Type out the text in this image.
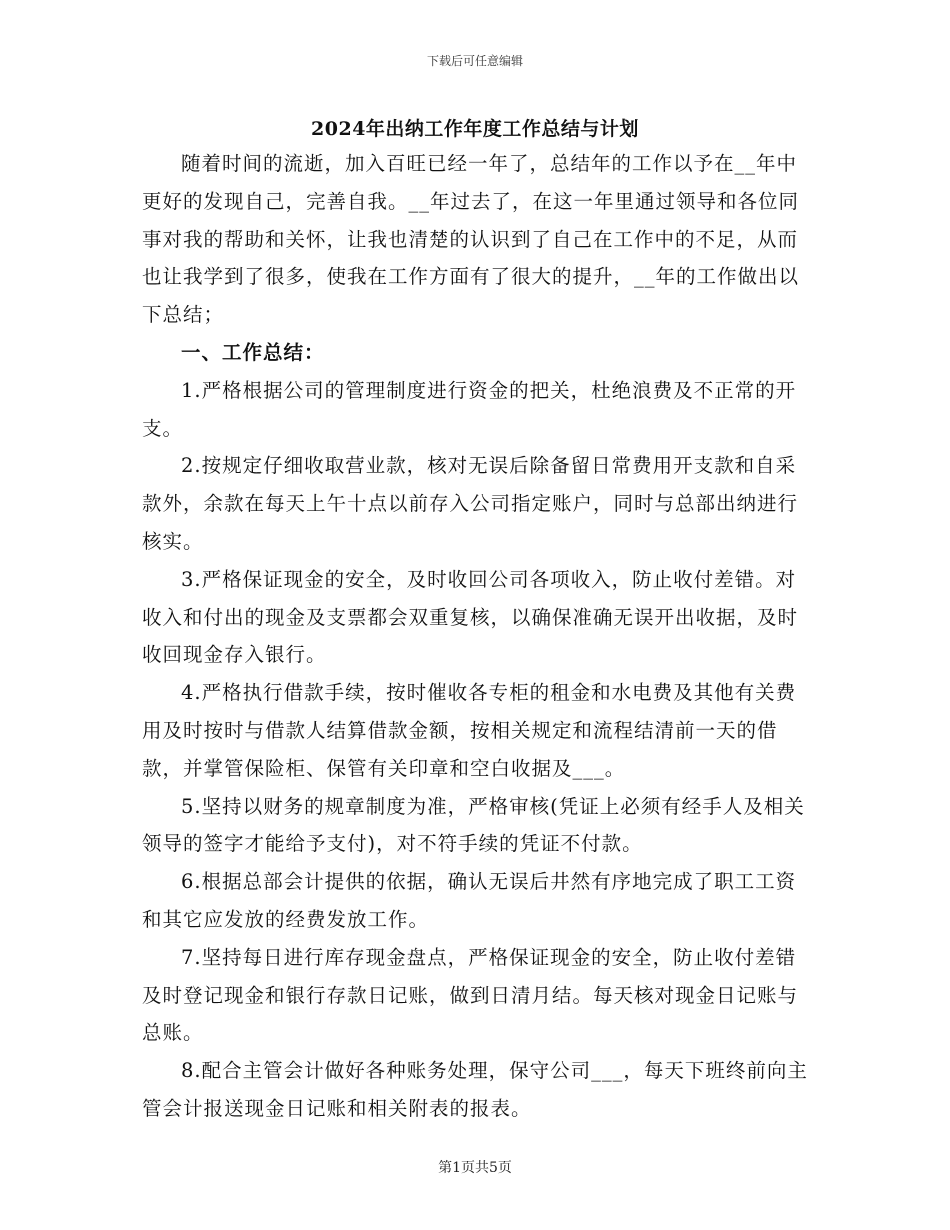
下载后可任意编辑
2024年出纳工作年度工作总结与计划

随着时间的流逝，加入百旺已经一年了，总结年的工作以予在__年中更好的发现自己，完善自我。__年过去了，在这一年里通过领导和各位同事对我的帮助和关怀，让我也清楚的认识到了自己在工作中的不足，从而也让我学到了很多，使我在工作方面有了很大的提升，__年的工作做出以下总结；

一、工作总结：

1.严格根据公司的管理制度进行资金的把关，杜绝浪费及不正常的开支。

2.按规定仔细收取营业款，核对无误后除备留日常费用开支款和自采款外，余款在每天上午十点以前存入公司指定账户，同时与总部出纳进行核实。

3.严格保证现金的安全，及时收回公司各项收入，防止收付差错。对收入和付出的现金及支票都会双重复核，以确保准确无误开出收据，及时收回现金存入银行。

4.严格执行借款手续，按时催收各专柜的租金和水电费及其他有关费用及时按时与借款人结算借款金额，按相关规定和流程结清前一天的借款，并掌管保险柜、保管有关印章和空白收据及___。

5.坚持以财务的规章制度为准，严格审核(凭证上必须有经手人及相关领导的签字才能给予支付)，对不符手续的凭证不付款。

6.根据总部会计提供的依据，确认无误后井然有序地完成了职工工资和其它应发放的经费发放工作。

7.坚持每日进行库存现金盘点，严格保证现金的安全，防止收付差错及时登记现金和银行存款日记账，做到日清月结。每天核对现金日记账与总账。

8.配合主管会计做好各种账务处理，保守公司___，每天下班终前向主管会计报送现金日记账和相关附表的报表。

第1页共5页
